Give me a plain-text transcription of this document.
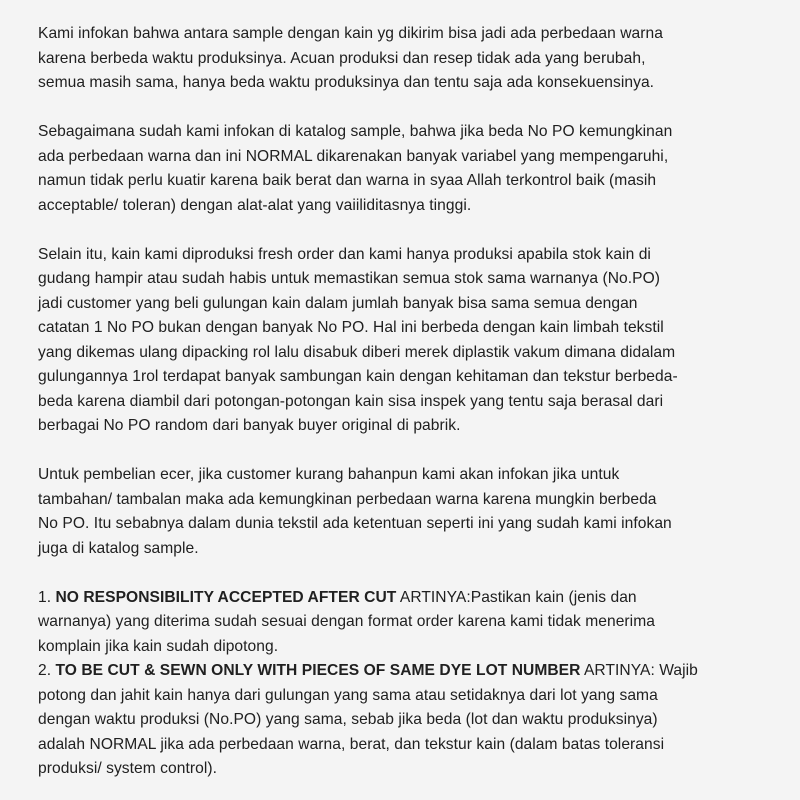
Kami infokan bahwa antara sample dengan kain yg dikirim bisa jadi ada perbedaan warna
karena berbeda waktu produksinya. Acuan produksi dan resep tidak ada yang berubah,
semua masih sama, hanya beda waktu produksinya dan tentu saja ada konsekuensinya.

Sebagaimana sudah kami infokan di katalog sample, bahwa jika beda No PO kemungkinan
ada perbedaan warna dan ini NORMAL dikarenakan banyak variabel yang mempengaruhi,
namun tidak perlu kuatir karena baik berat dan warna in syaa Allah terkontrol baik (masih
acceptable/ toleran) dengan alat-alat yang vaiiliditasnya tinggi.

Selain itu, kain kami diproduksi fresh order dan kami hanya produksi apabila stok kain di
gudang hampir atau sudah habis untuk memastikan semua stok sama warnanya (No.PO)
jadi customer yang beli gulungan kain dalam jumlah banyak bisa sama semua dengan
catatan 1 No PO bukan dengan banyak No PO. Hal ini berbeda dengan kain limbah tekstil
yang dikemas ulang dipacking rol lalu disabuk diberi merek diplastik vakum dimana didalam
gulungannya 1rol terdapat banyak sambungan kain dengan kehitaman dan tekstur berbeda-
beda karena diambil dari potongan-potongan kain sisa inspek yang tentu saja berasal dari
berbagai No PO random dari banyak buyer original di pabrik.

Untuk pembelian ecer, jika customer kurang bahanpun kami akan infokan jika untuk
tambahan/ tambalan maka ada kemungkinan perbedaan warna karena mungkin berbeda
No PO. Itu sebabnya dalam dunia tekstil ada ketentuan seperti ini yang sudah kami infokan
juga di katalog sample.

1. NO RESPONSIBILITY ACCEPTED AFTER CUT ARTINYA:Pastikan kain (jenis dan
warnanya) yang diterima sudah sesuai dengan format order karena kami tidak menerima
komplain jika kain sudah dipotong.

2. TO BE CUT & SEWN ONLY WITH PIECES OF SAME DYE LOT NUMBER ARTINYA: Wajib
potong dan jahit kain hanya dari gulungan yang sama atau setidaknya dari lot yang sama
dengan waktu produksi (No.PO) yang sama, sebab jika beda (lot dan waktu produksinya)
adalah NORMAL jika ada perbedaan warna, berat, dan tekstur kain (dalam batas toleransi
produksi/ system control).
